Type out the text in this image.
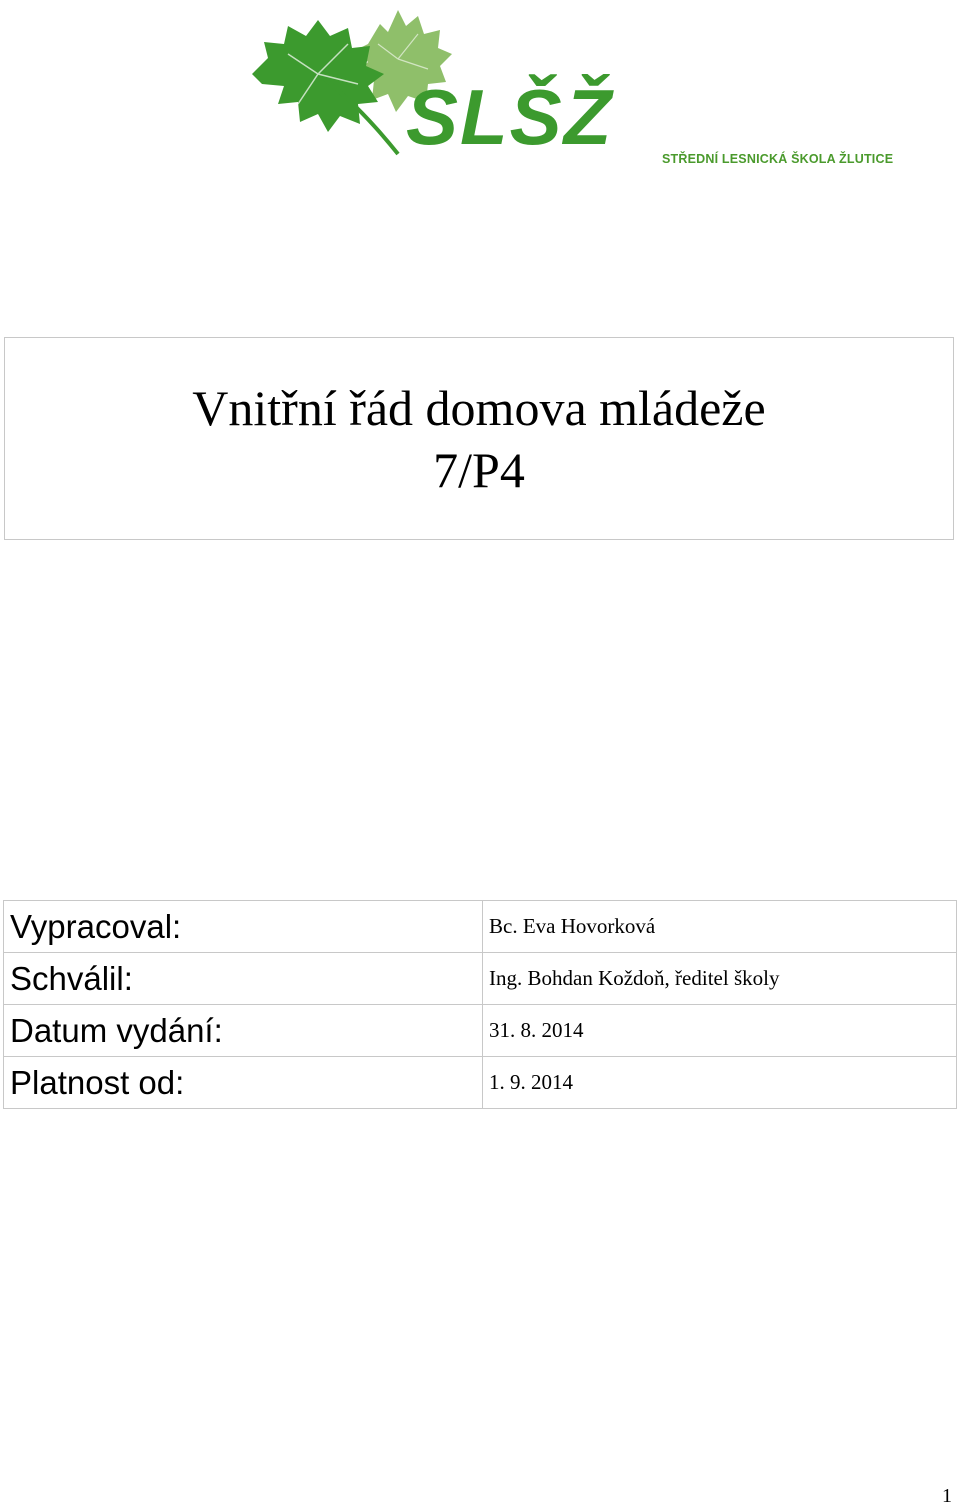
SLŠŽ	STŘEDNÍ LESNICKÁ ŠKOLA ŽLUTICE
Vnitřní řád domova mládeže
7/P4
Vypracoval:	Bc. Eva Hovorková
Schválil:	Ing. Bohdan Koždoň, ředitel školy
Datum vydání:	31. 8. 2014
Platnost od:	1. 9. 2014
1
